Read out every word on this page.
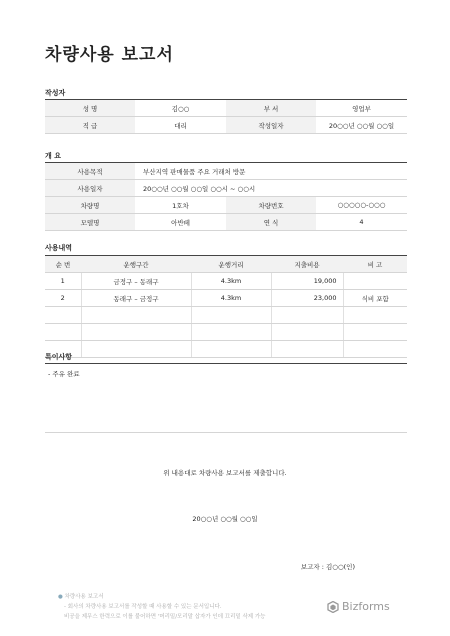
차량사용 보고서
작성자
성 명	김○○	부 서	영업부
직 급	대리	작성일자	20○○년 ○○월 ○○일
개 요
사용목적	부산지역 판매물품 주요 거래처 방문		
사용일자	20○○년 ○○월 ○○일 ○○시 ~ ○○시		
차량명	1호차	차량번호	○○○○○-○○○
모델명	아반떼	연 식	4
사용내역
순 번	운행구간	운행거리	지출비용	비 고
1	금정구 – 동래구	4.3km	19,000	
2	동래구 – 금정구	4.3km	23,000	식비 포함

특이사항
- 주유 완료
위 내용대로 차량사용 보고서를 제출합니다.
20○○년 ○○월 ○○일
보고자 : 김○○(인)
● 차량사용 보고서
- 회사의 차량사용 보고서를 작성할 때 사용할 수 있는 문서입니다.
비공을 제무스 한력으로 이를 불어하면 '머리밑/모리말 삽자가 인데 끄리밑 삭제 가능
Bizforms
